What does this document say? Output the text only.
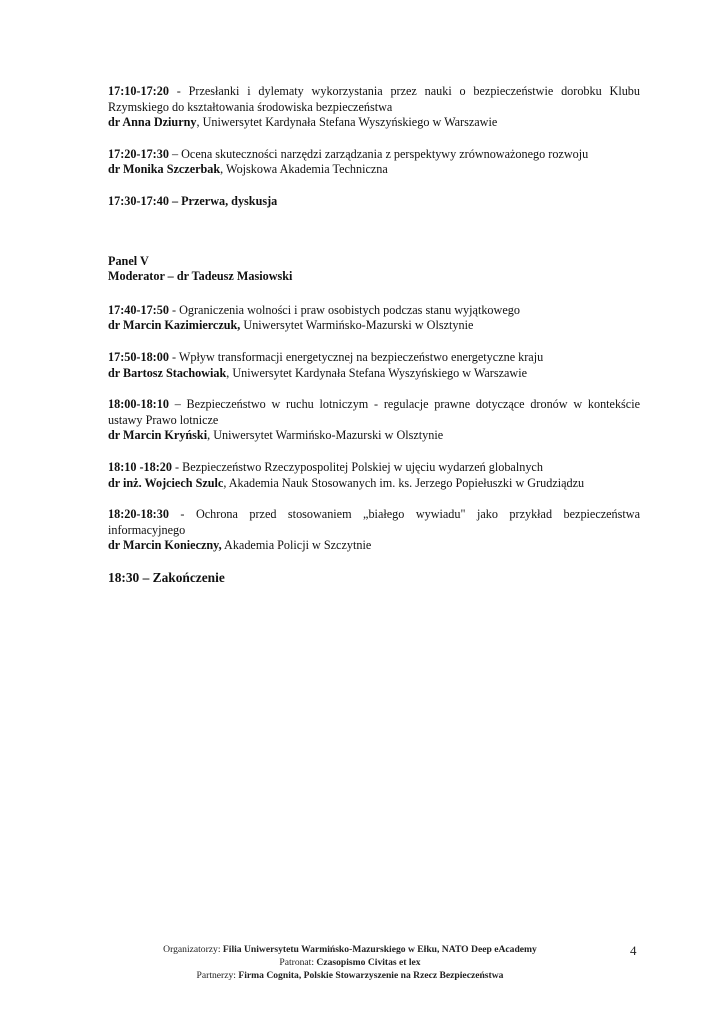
17:10-17:20 - Przesłanki i dylematy wykorzystania przez nauki o bezpieczeństwie dorobku Klubu Rzymskiego do kształtowania środowiska bezpieczeństwa

dr Anna Dziurny, Uniwersytet Kardynała Stefana Wyszyńskiego w Warszawie

17:20-17:30 – Ocena skuteczności narzędzi zarządzania z perspektywy zrównoważonego rozwoju

dr Monika Szczerbak, Wojskowa Akademia Techniczna

17:30-17:40 – Przerwa, dyskusja

Panel V

Moderator – dr Tadeusz Masiowski

17:40-17:50 - Ograniczenia wolności i praw osobistych podczas stanu wyjątkowego

dr Marcin Kazimierczuk, Uniwersytet Warmińsko-Mazurski w Olsztynie

17:50-18:00 - Wpływ transformacji energetycznej na bezpieczeństwo energetyczne kraju

dr Bartosz Stachowiak, Uniwersytet Kardynała Stefana Wyszyńskiego w Warszawie

18:00-18:10 – Bezpieczeństwo w ruchu lotniczym - regulacje prawne dotyczące dronów w kontekście ustawy Prawo lotnicze

dr Marcin Kryński, Uniwersytet Warmińsko-Mazurski w Olsztynie

18:10 -18:20 - Bezpieczeństwo Rzeczypospolitej Polskiej w ujęciu wydarzeń globalnych

dr inż. Wojciech Szulc, Akademia Nauk Stosowanych im. ks. Jerzego Popiełuszki w Grudziądzu

18:20-18:30 - Ochrona przed stosowaniem „białego wywiadu" jako przykład bezpieczeństwa informacyjnego

dr Marcin Konieczny, Akademia Policji w Szczytnie

18:30 – Zakończenie

Organizatorzy: Filia Uniwersytetu Warmińsko-Mazurskiego w Ełku, NATO Deep eAcademy

Patronat: Czasopismo Civitas et lex

Partnerzy: Firma Cognita, Polskie Stowarzyszenie na Rzecz Bezpieczeństwa

4
